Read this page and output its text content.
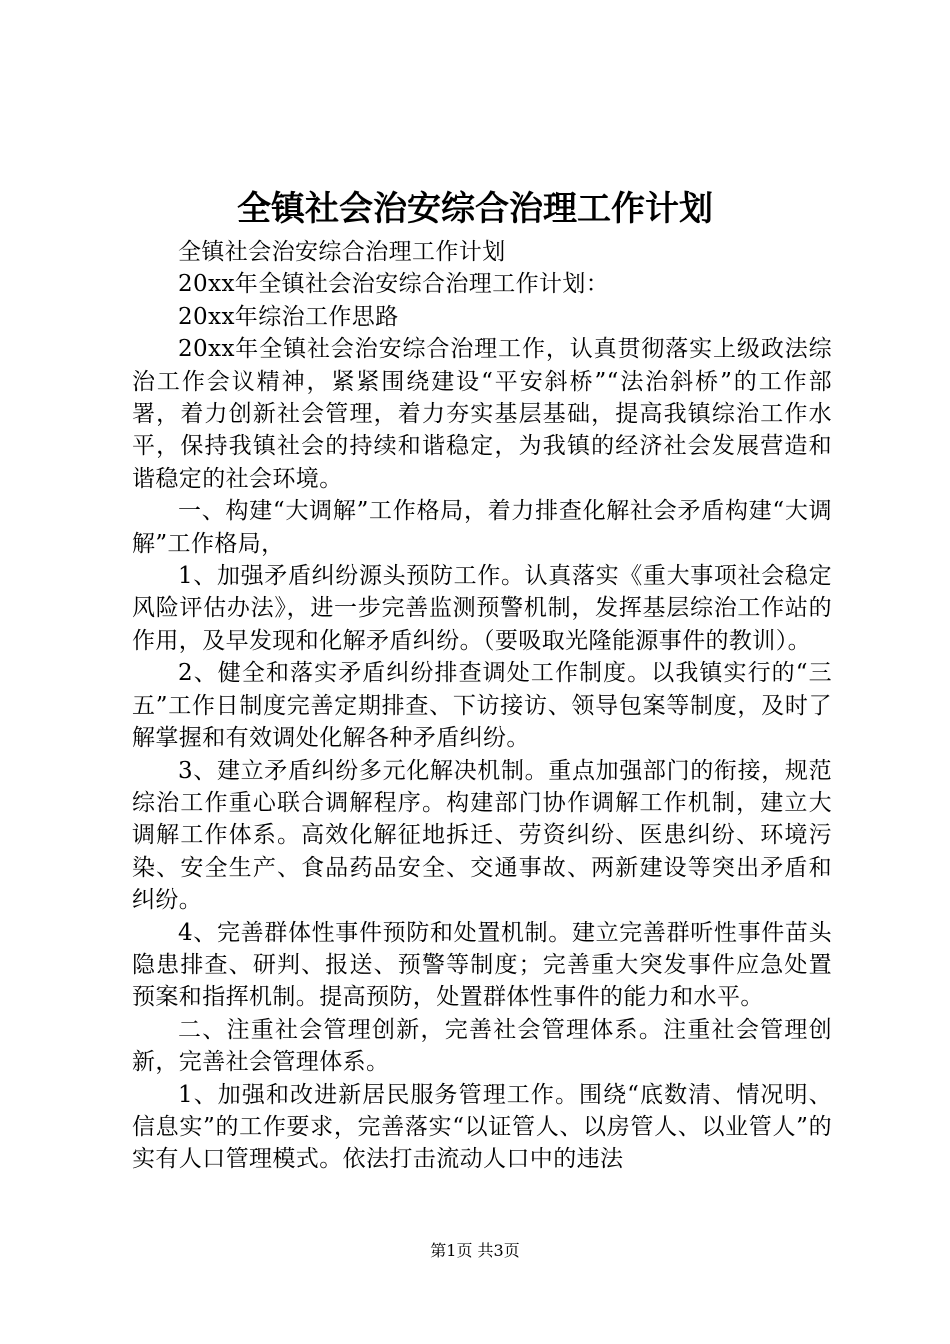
全镇社会治安综合治理工作计划

全镇社会治安综合治理工作计划

20xx年全镇社会治安综合治理工作计划：

20xx年综治工作思路

20xx年全镇社会治安综合治理工作，认真贯彻落实上级政法综治工作会议精神，紧紧围绕建设“平安斜桥”“法治斜桥”的工作部署，着力创新社会管理，着力夯实基层基础，提高我镇综治工作水平，保持我镇社会的持续和谐稳定，为我镇的经济社会发展营造和谐稳定的社会环境。

一、构建“大调解”工作格局，着力排查化解社会矛盾构建“大调解”工作格局，

1、加强矛盾纠纷源头预防工作。认真落实《重大事项社会稳定风险评估办法》，进一步完善监测预警机制，发挥基层综治工作站的作用，及早发现和化解矛盾纠纷。（要吸取光隆能源事件的教训）。

2、健全和落实矛盾纠纷排查调处工作制度。以我镇实行的“三五”工作日制度完善定期排查、下访接访、领导包案等制度，及时了解掌握和有效调处化解各种矛盾纠纷。

3、建立矛盾纠纷多元化解决机制。重点加强部门的衔接，规范综治工作重心联合调解程序。构建部门协作调解工作机制，建立大调解工作体系。高效化解征地拆迁、劳资纠纷、医患纠纷、环境污染、安全生产、食品药品安全、交通事故、两新建设等突出矛盾和纠纷。

4、完善群体性事件预防和处置机制。建立完善群听性事件苗头隐患排查、研判、报送、预警等制度；完善重大突发事件应急处置预案和指挥机制。提高预防，处置群体性事件的能力和水平。

二、注重社会管理创新，完善社会管理体系。注重社会管理创新，完善社会管理体系。

1、加强和改进新居民服务管理工作。围绕“底数清、情况明、信息实”的工作要求，完善落实“以证管人、以房管人、以业管人”的实有人口管理模式。依法打击流动人口中的违法

第1页 共3页
